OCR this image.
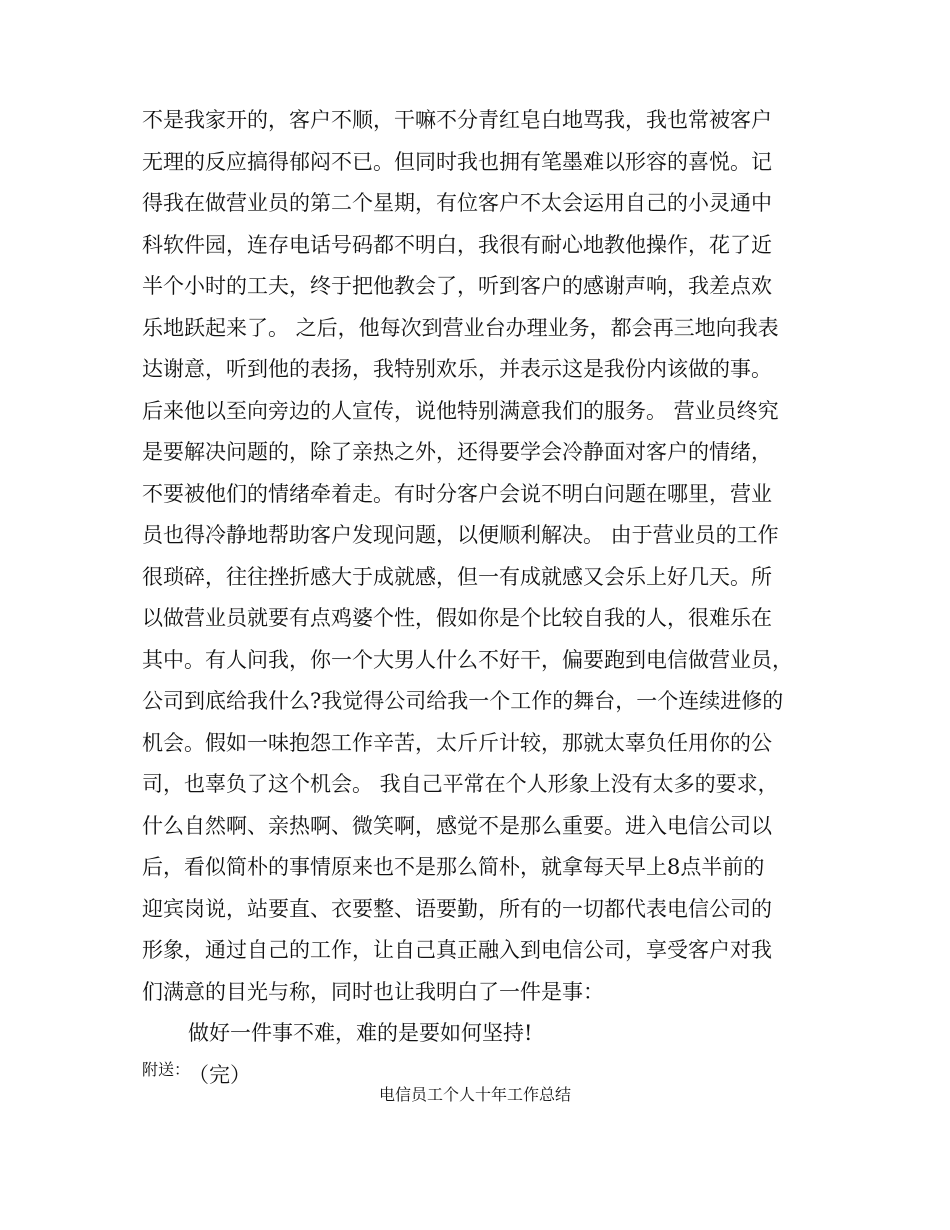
不是我家开的，客户不顺，干嘛不分青红皂白地骂我，我也常被客户
无理的反应搞得郁闷不已。但同时我也拥有笔墨难以形容的喜悦。记
得我在做营业员的第二个星期，有位客户不太会运用自己的小灵通中
科软件园，连存电话号码都不明白，我很有耐心地教他操作，花了近
半个小时的工夫，终于把他教会了，听到客户的感谢声响，我差点欢
乐地跃起来了。 之后，他每次到营业台办理业务，都会再三地向我表
达谢意，听到他的表扬，我特别欢乐，并表示这是我份内该做的事。
后来他以至向旁边的人宣传，说他特别满意我们的服务。 营业员终究
是要解决问题的，除了亲热之外，还得要学会冷静面对客户的情绪，
不要被他们的情绪牵着走。有时分客户会说不明白问题在哪里，营业
员也得冷静地帮助客户发现问题，以便顺利解决。 由于营业员的工作
很琐碎，往往挫折感大于成就感，但一有成就感又会乐上好几天。所
以做营业员就要有点鸡婆个性，假如你是个比较自我的人，很难乐在
其中。有人问我，你一个大男人什么不好干，偏要跑到电信做营业员，
公司到底给我什么?我觉得公司给我一个工作的舞台，一个连续进修的
机会。假如一味抱怨工作辛苦，太斤斤计较，那就太辜负任用你的公
司，也辜负了这个机会。 我自己平常在个人形象上没有太多的要求，
什么自然啊、亲热啊、微笑啊，感觉不是那么重要。进入电信公司以
后，看似简朴的事情原来也不是那么简朴，就拿每天早上8点半前的
迎宾岗说，站要直、衣要整、语要勤，所有的一切都代表电信公司的
形象，通过自己的工作，让自己真正融入到电信公司，享受客户对我
们满意的目光与称，同时也让我明白了一件是事：
做好一件事不难，难的是要如何坚持!
（完）
附送：
电信员工个人十年工作总结
